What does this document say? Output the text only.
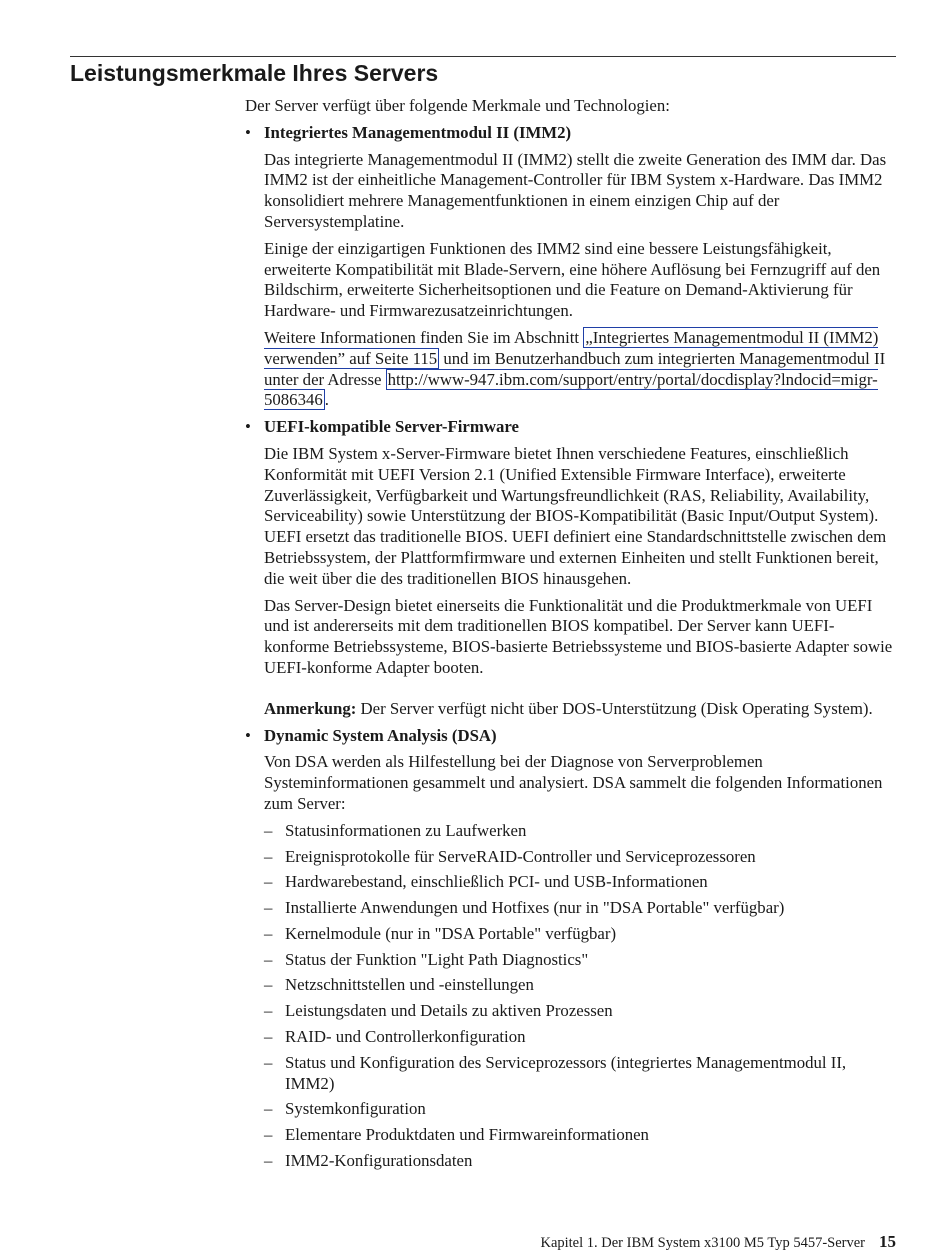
Leistungsmerkmale Ihres Servers

Der Server verfügt über folgende Merkmale und Technologien:

• Integriertes Managementmodul II (IMM2)

Das integrierte Managementmodul II (IMM2) stellt die zweite Generation des IMM dar. Das IMM2 ist der einheitliche Management-Controller für IBM System x-Hardware. Das IMM2 konsolidiert mehrere Managementfunktionen in einem einzigen Chip auf der Serversystemplatine.

Einige der einzigartigen Funktionen des IMM2 sind eine bessere Leistungsfähigkeit, erweiterte Kompatibilität mit Blade-Servern, eine höhere Auflösung bei Fernzugriff auf den Bildschirm, erweiterte Sicherheitsoptionen und die Feature on Demand-Aktivierung für Hardware- und Firmwarezusatzeinrichtungen.

Weitere Informationen finden Sie im Abschnitt „Integriertes Managementmodul II (IMM2) verwenden” auf Seite 115 und im Benutzerhandbuch zum integrierten Managementmodul II unter der Adresse http://www-947.ibm.com/support/entry/portal/docdisplay?lndocid=migr-5086346 .

• UEFI-kompatible Server-Firmware

Die IBM System x-Server-Firmware bietet Ihnen verschiedene Features, einschließlich Konformität mit UEFI Version 2.1 (Unified Extensible Firmware Interface), erweiterte Zuverlässigkeit, Verfügbarkeit und Wartungsfreundlichkeit (RAS, Reliability, Availability, Serviceability) sowie Unterstützung der BIOS-Kompatibilität (Basic Input/Output System). UEFI ersetzt das traditionelle BIOS. UEFI definiert eine Standardschnittstelle zwischen dem Betriebssystem, der Plattformfirmware und externen Einheiten und stellt Funktionen bereit, die weit über die des traditionellen BIOS hinausgehen.

Das Server-Design bietet einerseits die Funktionalität und die Produktmerkmale von UEFI und ist andererseits mit dem traditionellen BIOS kompatibel. Der Server kann UEFI-konforme Betriebssysteme, BIOS-basierte Betriebssysteme und BIOS-basierte Adapter sowie UEFI-konforme Adapter booten.

Anmerkung: Der Server verfügt nicht über DOS-Unterstützung (Disk Operating System).

• Dynamic System Analysis (DSA)

Von DSA werden als Hilfestellung bei der Diagnose von Serverproblemen Systeminformationen gesammelt und analysiert. DSA sammelt die folgenden Informationen zum Server:

– Statusinformationen zu Laufwerken
– Ereignisprotokolle für ServeRAID-Controller und Serviceprozessoren
– Hardwarebestand, einschließlich PCI- und USB-Informationen
– Installierte Anwendungen und Hotfixes (nur in "DSA Portable" verfügbar)
– Kernelmodule (nur in "DSA Portable" verfügbar)
– Status der Funktion "Light Path Diagnostics"
– Netzschnittstellen und -einstellungen
– Leistungsdaten und Details zu aktiven Prozessen
– RAID- und Controllerkonfiguration
– Status und Konfiguration des Serviceprozessors (integriertes Managementmodul II, IMM2)
– Systemkonfiguration
– Elementare Produktdaten und Firmwareinformationen
– IMM2-Konfigurationsdaten
Kapitel 1. Der IBM System x3100 M5 Typ 5457-Server 15
